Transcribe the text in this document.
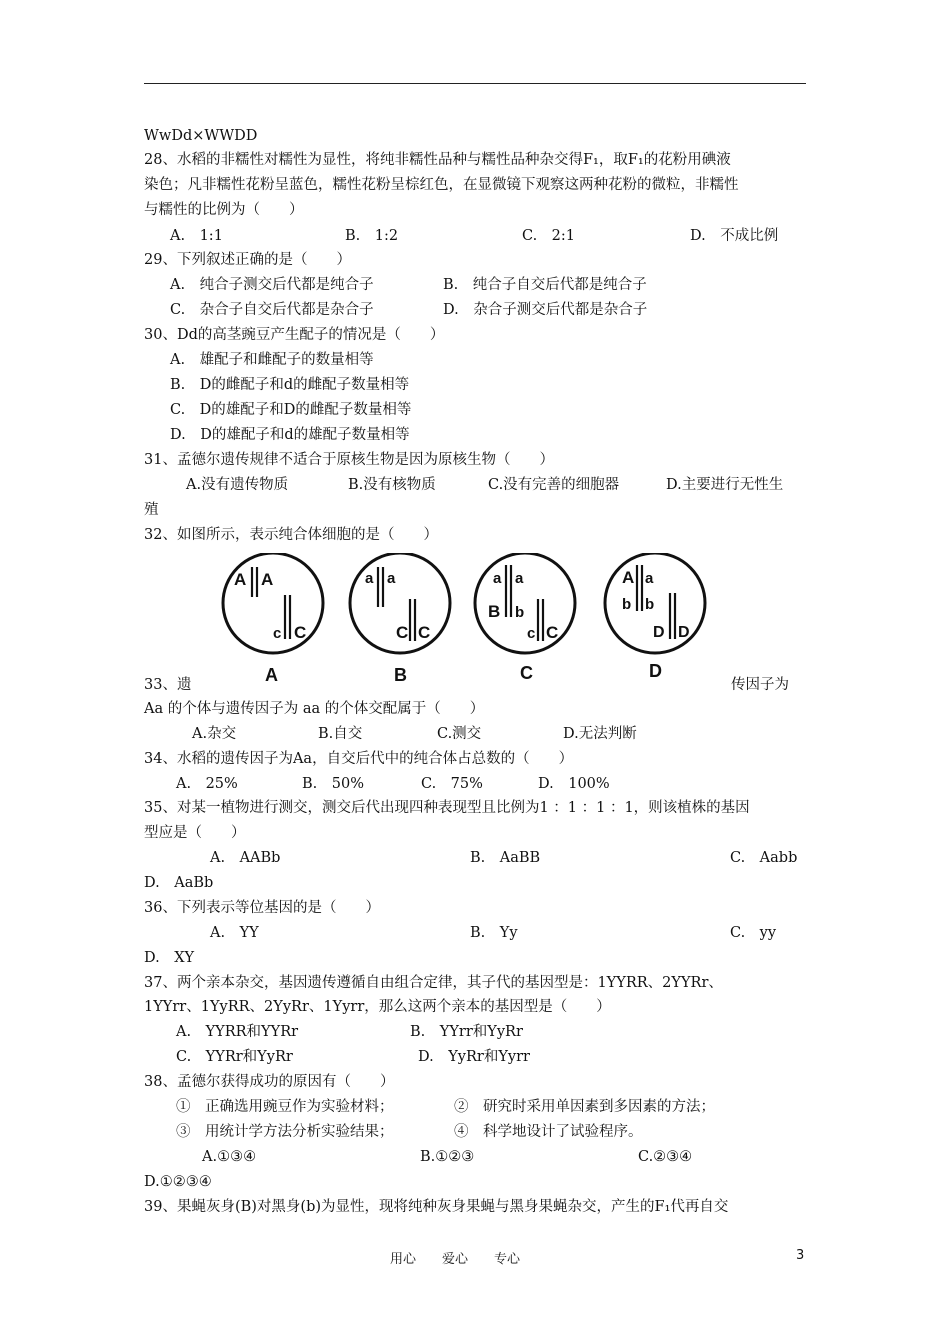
WwDd×WWDD
28、水稻的非糯性对糯性为显性，将纯非糯性品种与糯性品种杂交得F₁，取F₁的花粉用碘液
染色；凡非糯性花粉呈蓝色，糯性花粉呈棕红色，在显微镜下观察这两种花粉的微粒，非糯性
与糯性的比例为（　　）
A.　1:1	B.　1:2	C.　2:1	D.　不成比例
29、下列叙述正确的是（　　）
A.　纯合子测交后代都是纯合子	B.　纯合子自交后代都是纯合子
C.　杂合子自交后代都是杂合子	D.　杂合子测交后代都是杂合子
30、Dd的高茎豌豆产生配子的情况是（　　）
A.　雄配子和雌配子的数量相等
B.　D的雌配子和d的雌配子数量相等
C.　D的雄配子和D的雌配子数量相等
D.　D的雄配子和d的雄配子数量相等
31、孟德尔遗传规律不适合于原核生物是因为原核生物（　　）
A.没有遗传物质	B.没有核物质	C.没有完善的细胞器	D.主要进行无性生
殖
32、如图所示，表示纯合体细胞的是（　　）
A A
c C
A
a a
C C
B
a a
B b
c C
C
A a
b b
D D
D
33、遗	传因子为
Aa 的个体与遗传因子为 aa 的个体交配属于（　　）
A.杂交	B.自交	C.测交	D.无法判断
34、水稻的遗传因子为Aa，自交后代中的纯合体占总数的（　　）
A.　25%	B.　50%	C.　75%	D.　100%
35、对某一植物进行测交，测交后代出现四种表现型且比例为1 ：1 ：1 ：1，则该植株的基因
型应是（　　）
A.　AABb	B.　AaBB	C.　Aabb
D.　AaBb
36、下列表示等位基因的是（　　）
A.　YY	B.　Yy	C.　yy
D.　XY
37、两个亲本杂交，基因遗传遵循自由组合定律，其子代的基因型是：1YYRR、2YYRr、
1YYrr、1YyRR、2YyRr、1Yyrr，那么这两个亲本的基因型是（　　）
A.　YYRR和YYRr	B.　YYrr和YyRr
C.　YYRr和YyRr	D.　YyRr和Yyrr
38、孟德尔获得成功的原因有（　　）
①　正确选用豌豆作为实验材料；	②　研究时采用单因素到多因素的方法；
③　用统计学方法分析实验结果；	④　科学地设计了试验程序。
A.①③④	B.①②③	C.②③④
D.①②③④
39、果蝇灰身(B)对黑身(b)为显性，现将纯种灰身果蝇与黑身果蝇杂交，产生的F₁代再自交
用心　　爱心　　专心	3
